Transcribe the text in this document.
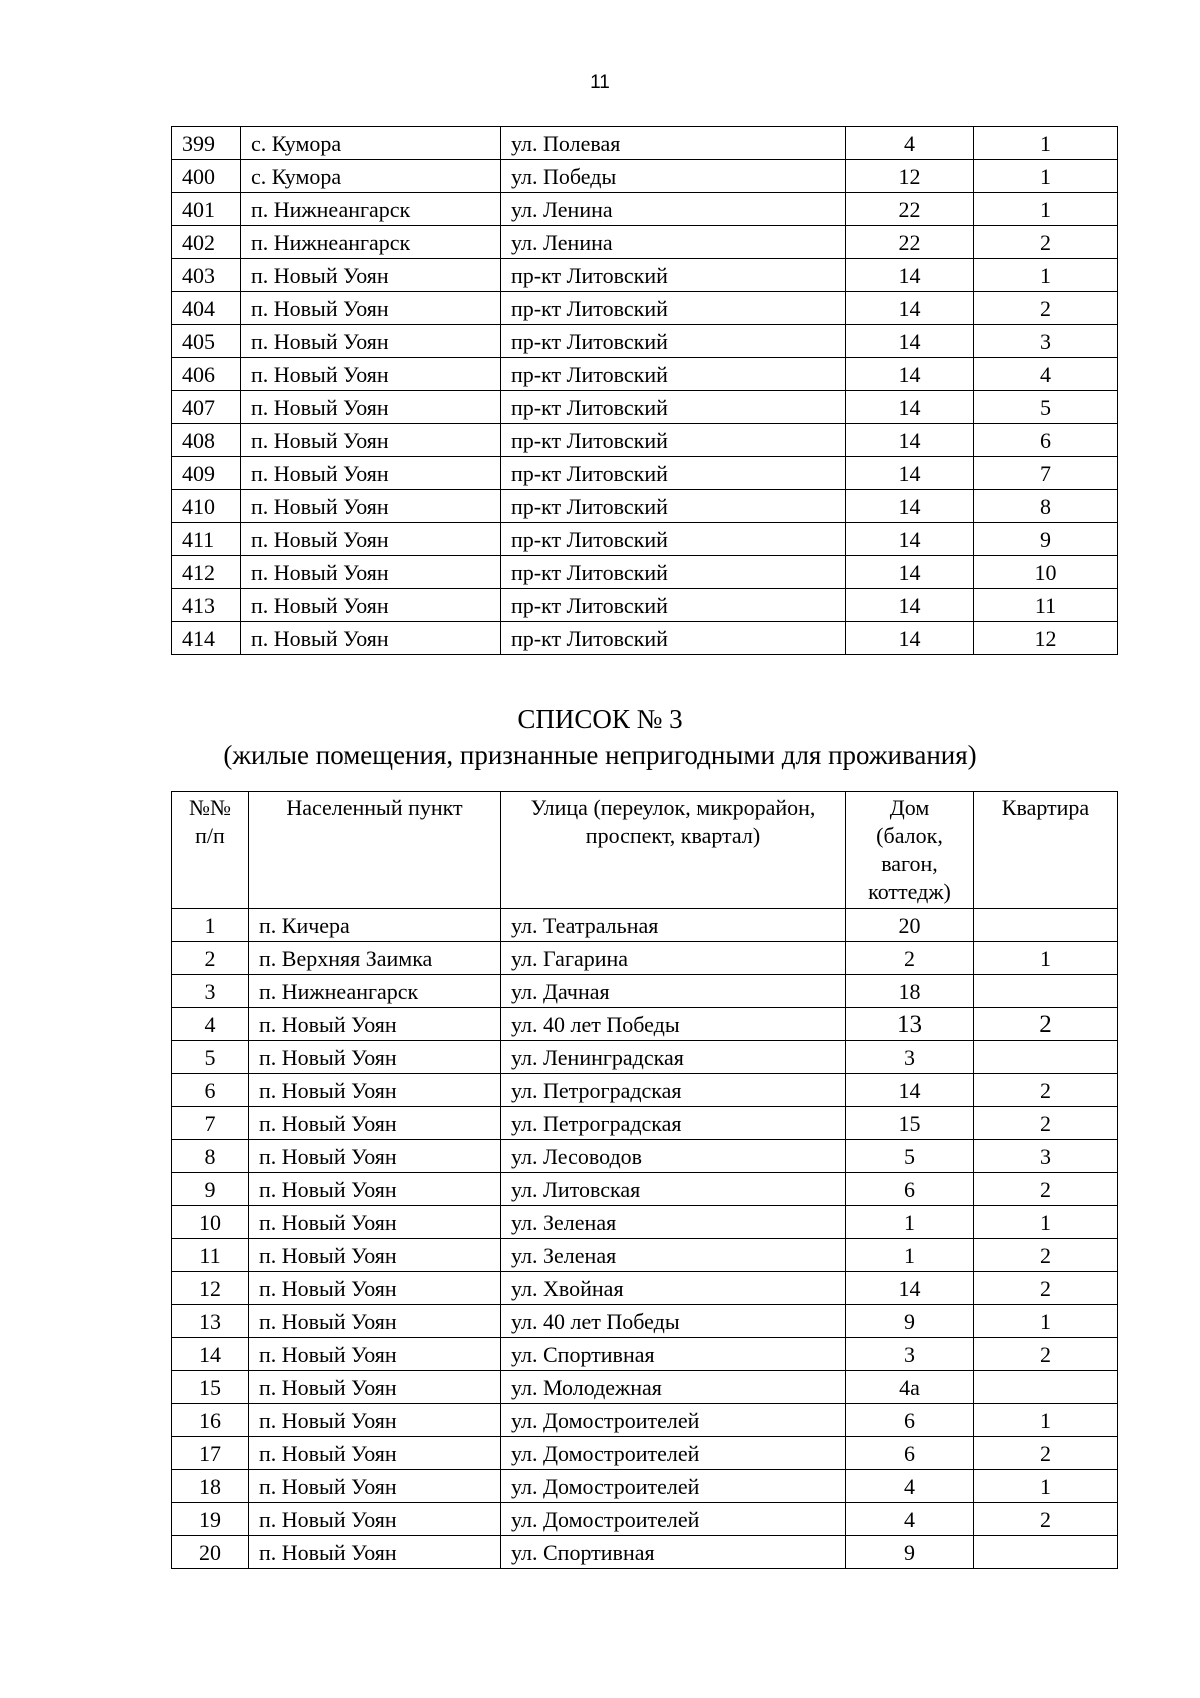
11
399	с. Кумора	ул. Полевая	4	1
400	с. Кумора	ул. Победы	12	1
401	п. Нижнеангарск	ул. Ленина	22	1
402	п. Нижнеангарск	ул. Ленина	22	2
403	п. Новый Уоян	пр-кт Литовский	14	1
404	п. Новый Уоян	пр-кт Литовский	14	2
405	п. Новый Уоян	пр-кт Литовский	14	3
406	п. Новый Уоян	пр-кт Литовский	14	4
407	п. Новый Уоян	пр-кт Литовский	14	5
408	п. Новый Уоян	пр-кт Литовский	14	6
409	п. Новый Уоян	пр-кт Литовский	14	7
410	п. Новый Уоян	пр-кт Литовский	14	8
411	п. Новый Уоян	пр-кт Литовский	14	9
412	п. Новый Уоян	пр-кт Литовский	14	10
413	п. Новый Уоян	пр-кт Литовский	14	11
414	п. Новый Уоян	пр-кт Литовский	14	12
СПИСОК № 3
(жилые помещения, признанные непригодными для проживания)
№№ п/п	Населенный пункт	Улица (переулок, микрорайон, проспект, квартал)	Дом (балок, вагон, коттедж)	Квартира
1	п. Кичера	ул. Театральная	20	
2	п. Верхняя Заимка	ул. Гагарина	2	1
3	п. Нижнеангарск	ул. Дачная	18	
4	п. Новый Уоян	ул. 40 лет Победы	13	2
5	п. Новый Уоян	ул. Ленинградская	3	
6	п. Новый Уоян	ул. Петроградская	14	2
7	п. Новый Уоян	ул. Петроградская	15	2
8	п. Новый Уоян	ул. Лесоводов	5	3
9	п. Новый Уоян	ул. Литовская	6	2
10	п. Новый Уоян	ул. Зеленая	1	1
11	п. Новый Уоян	ул. Зеленая	1	2
12	п. Новый Уоян	ул. Хвойная	14	2
13	п. Новый Уоян	ул. 40 лет Победы	9	1
14	п. Новый Уоян	ул. Спортивная	3	2
15	п. Новый Уоян	ул. Молодежная	4а	
16	п. Новый Уоян	ул. Домостроителей	6	1
17	п. Новый Уоян	ул. Домостроителей	6	2
18	п. Новый Уоян	ул. Домостроителей	4	1
19	п. Новый Уоян	ул. Домостроителей	4	2
20	п. Новый Уоян	ул. Спортивная	9	
